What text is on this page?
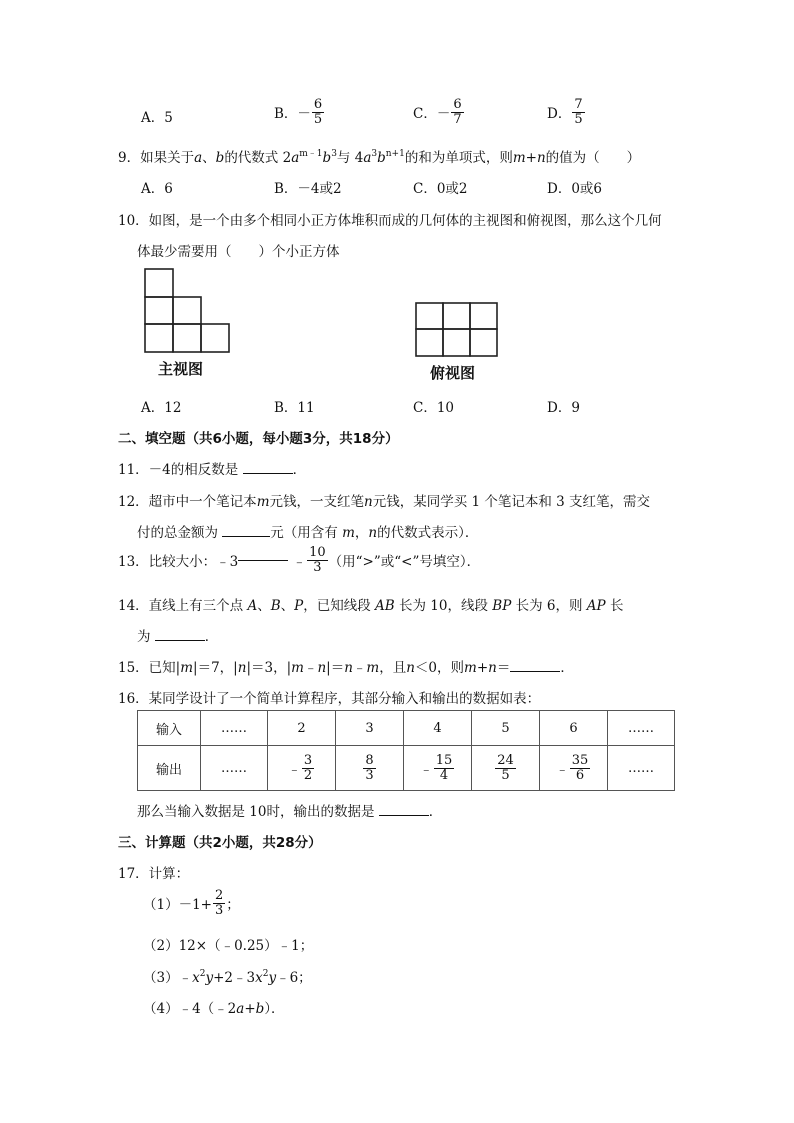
A．5	B．－ $\frac{6}{5}$	C．－ $\frac{6}{7}$	D． $\frac{7}{5}$
9．如果关于a、b的代数式 $2a^{m﹣1}b^3$与 $4a^3b^{n+1}$的和为单项式，则m+n的值为（　　）
A．6	B．－4或2	C．0或2	D．0或6
10．如图，是一个由多个相同小正方体堆积而成的几何体的主视图和俯视图，那么这个几何
体最少需要用（　　）个小正方体
主视图	俯视图
A．12	B．11	C．10	D．9
二、填空题（共6小题，每小题3分，共18分）
11．－4的相反数是	．
12．超市中一个笔记本m元钱，一支红笔n元钱，某同学买 1 个笔记本和 3 支红笔，需交
付的总金额为	元（用含有 m，n的代数式表示）．
13．比较大小：﹣3	﹣ $\frac{10}{3}$ （用“>”或“<”号填空）．
14．直线上有三个点 A、B、P，已知线段 AB 长为 10，线段 BP 长为 6，则 AP 长
为	．
15．已知|m|＝7，|n|＝3，|m﹣n|＝n﹣m，且n＜0，则m+n＝	．
16．某同学设计了一个简单计算程序，其部分输入和输出的数据如表：
输入	……	2	3	4	5	6	……
输出	……	﹣ $\frac{3}{2}$	$\frac{8}{3}$	﹣ $\frac{15}{4}$	$\frac{24}{5}$	﹣ $\frac{35}{6}$	……
那么当输入数据是 10时，输出的数据是	．
三、计算题（共2小题，共28分）
17．计算：
$(1)-1+ \frac{2}{3}$ ；
（2）12×（﹣0.25）﹣1；
$(3)﹣x^2y+2﹣3x^2y﹣6$；
（4）﹣4（﹣2a+b）．
